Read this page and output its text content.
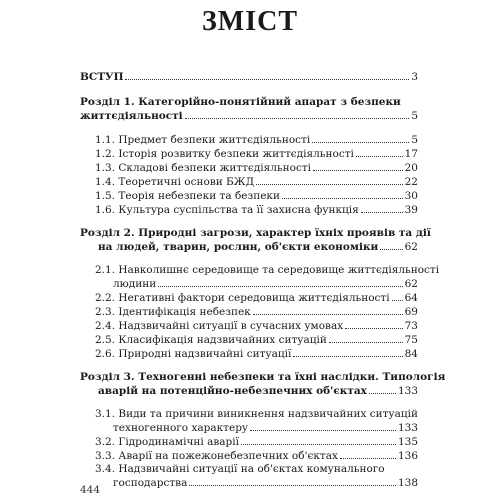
ЗМІСТ
ВСТУП	3
Розділ 1. Категорійно-понятійний апарат з безпеки
життєдіяльності	5
1.1. Предмет безпеки життєдіяльності	5
1.2. Історія розвитку безпеки життєдіяльності	17
1.3. Складові безпеки життєдіяльності	20
1.4. Теоретичні основи БЖД	22
1.5. Теорія небезпеки та безпеки	30
1.6. Культура суспільства та її захисна функція	39
Розділ 2. Природні загрози, характер їхніх проявів та дії
на людей, тварин, рослин, об'єкти економіки	62
2.1. Навколишнє середовище та середовище життєдіяльності
людини	62
2.2. Негативні фактори середовища життєдіяльності 64
2.3. Ідентифікація небезпек	69
2.4. Надзвичайні ситуації в сучасних умовах	73
2.5. Класифікація надзвичайних ситуацій	75
2.6. Природні надзвичайні ситуації	84
Розділ 3. Техногенні небезпеки та їхні наслідки. Типологія
аварій на потенційно-небезпечних об'єктах	133
3.1. Види та причини виникнення надзвичайних ситуацій
техногенного характеру	133
3.2. Гідродинамічні аварії	135
3.3. Аварії на пожежонебезпечних об'єктах	136
3.4. Надзвичайні ситуації на об'єктах комунального
господарства	138
444
